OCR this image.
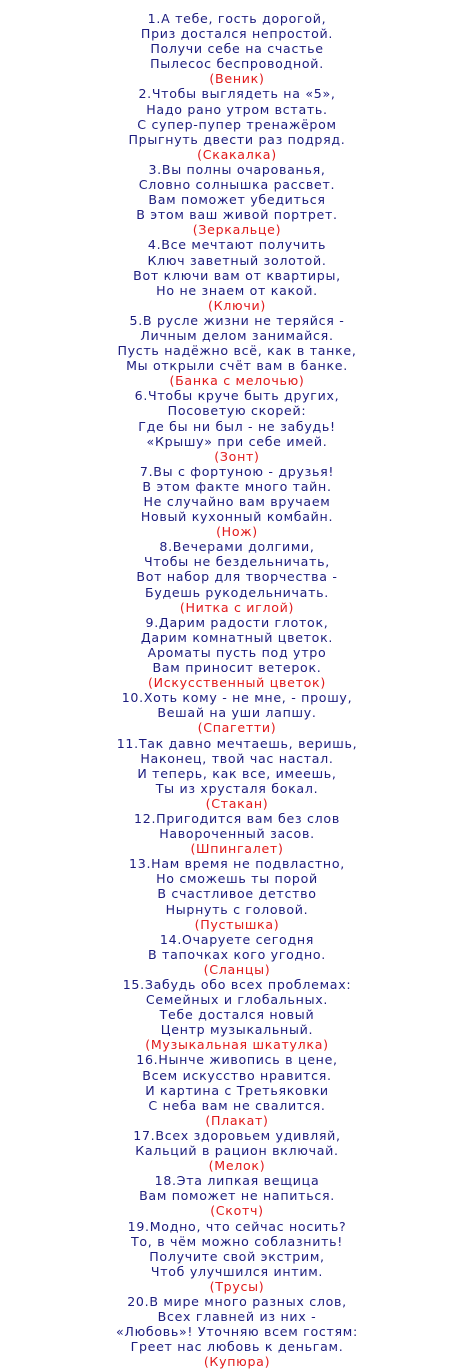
1.А тебе, гость дорогой,
Приз достался непростой.
Получи себе на счастье
Пылесос беспроводной.
(Веник)
2.Чтобы выглядеть на «5»,
Надо рано утром встать.
С супер-пупер тренажёром
Прыгнуть двести раз подряд.
(Скакалка)
3.Вы полны очарованья,
Словно солнышка рассвет.
Вам поможет убедиться
В этом ваш живой портрет.
(Зеркальце)
4.Все мечтают получить
Ключ заветный золотой.
Вот ключи вам от квартиры,
Но не знаем от какой.
(Ключи)
5.В русле жизни не теряйся -
Личным делом занимайся.
Пусть надёжно всё, как в танке,
Мы открыли счёт вам в банке.
(Банка с мелочью)
6.Чтобы круче быть других,
Посоветую скорей:
Где бы ни был - не забудь!
«Крышу» при себе имей.
(Зонт)
7.Вы с фортуною - друзья!
В этом факте много тайн.
Не случайно вам вручаем
Новый кухонный комбайн.
(Нож)
8.Вечерами долгими,
Чтобы не бездельничать,
Вот набор для творчества -
Будешь рукодельничать.
(Нитка с иглой)
9.Дарим радости глоток,
Дарим комнатный цветок.
Ароматы пусть под утро
Вам приносит ветерок.
(Искусственный цветок)
10.Хоть кому - не мне, - прошу,
Вешай на уши лапшу.
(Спагетти)
11.Так давно мечтаешь, веришь,
Наконец, твой час настал.
И теперь, как все, имеешь,
Ты из хрусталя бокал.
(Стакан)
12.Пригодится вам без слов
Навороченный засов.
(Шпингалет)
13.Нам время не подвластно,
Но сможешь ты порой
В счастливое детство
Нырнуть с головой.
(Пустышка)
14.Очаруете сегодня
В тапочках кого угодно.
(Сланцы)
15.Забудь обо всех проблемах:
Семейных и глобальных.
Тебе достался новый
Центр музыкальный.
(Музыкальная шкатулка)
16.Нынче живопись в цене,
Всем искусство нравится.
И картина с Третьяковки
С неба вам не свалится.
(Плакат)
17.Всех здоровьем удивляй,
Кальций в рацион включай.
(Мелок)
18.Эта липкая вещица
Вам поможет не напиться.
(Скотч)
19.Модно, что сейчас носить?
То, в чём можно соблазнить!
Получите свой экстрим,
Чтоб улучшился интим.
(Трусы)
20.В мире много разных слов,
Всех главней из них -
«Любовь»! Уточняю всем гостям:
Греет нас любовь к деньгам.
(Купюра)
